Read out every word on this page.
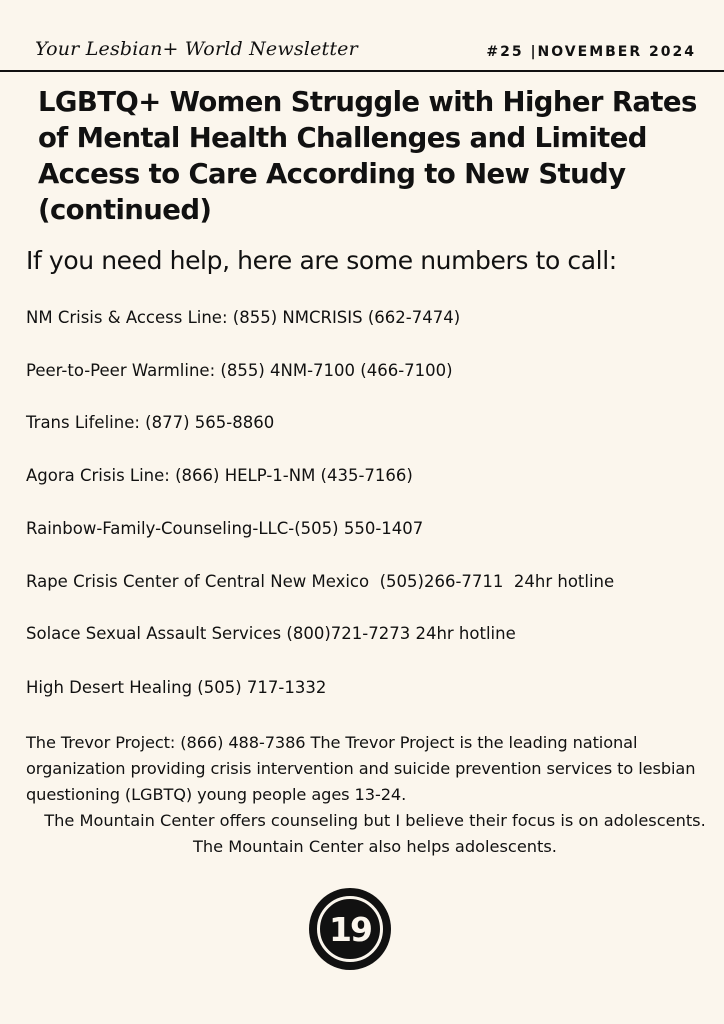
Your Lesbian+ World Newsletter	#25 |NOVEMBER 2024
LGBTQ+ Women Struggle with Higher Rates of Mental Health Challenges and Limited Access to Care According to New Study (continued)

If you need help, here are some numbers to call:

NM Crisis & Access Line: (855) NMCRISIS (662-7474)
Peer-to-Peer Warmline: (855) 4NM-7100 (466-7100)
Trans Lifeline: (877) 565-8860
Agora Crisis Line: (866) HELP-1-NM (435-7166)
Rainbow-Family-Counseling-LLC-(505) 550-1407
Rape Crisis Center of Central New Mexico  (505)266-7711  24hr hotline
Solace Sexual Assault Services (800)721-7273 24hr hotline
High Desert Healing (505) 717-1332

The Trevor Project: (866) 488-7386 The Trevor Project is the leading national organization providing crisis intervention and suicide prevention services to lesbian questioning (LGBTQ) young people ages 13-24.

The Mountain Center offers counseling but I believe their focus is on adolescents. The Mountain Center also helps adolescents.

19
